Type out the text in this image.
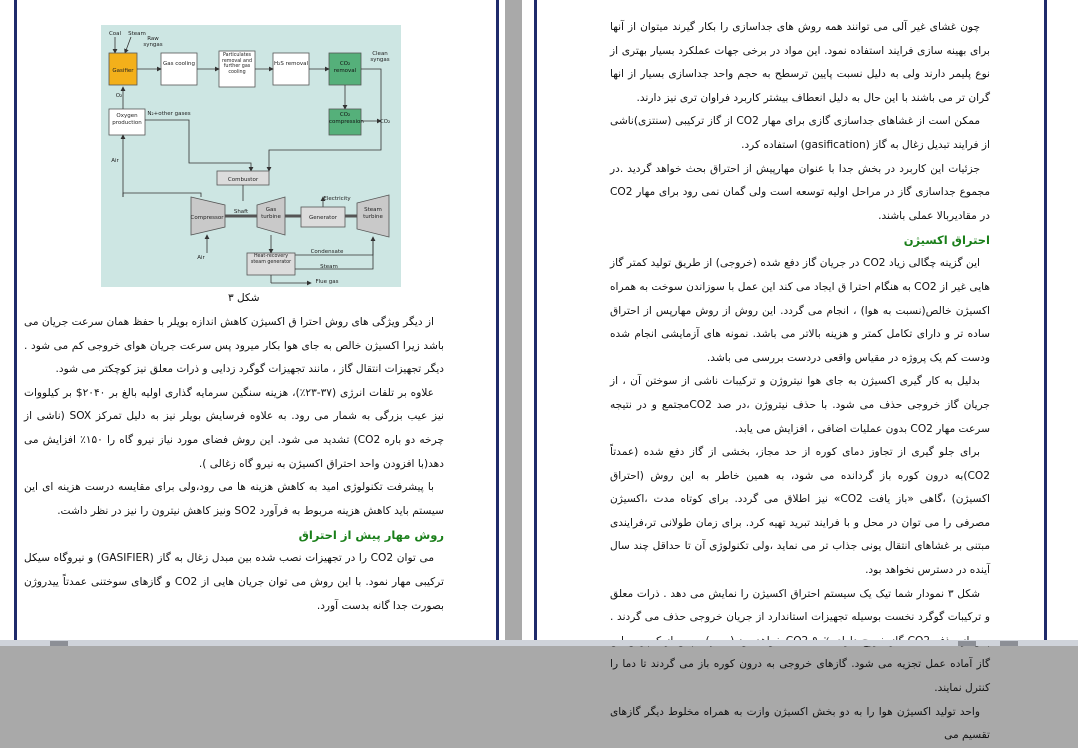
Coal Steam
Raw syngas
Gasifier
Gas cooling
Particulates removal and further gas cooling
H₂S removal	CO₂ removal
Clean syngas
O₂
Oxygen production
N₂+other gases	CO₂ compression	CO₂
Air
Combustor
Electricity
Compressor
Shaft	Gas turbine	Generator
Steam turbine
Air
Condensate
Heat-recovery steam generator
Steam
Flue gas
شکل ۳

از دیگر ویژگی های روش احترا ق اکسیژن کاهش اندازه بویلر با حفظ همان سرعت جریان می باشد زیرا اکسیژن خالص به جای هوا بکار میرود پس سرعت جریان هوای خروجی کم می شود . دیگر تجهیزات انتقال گاز ، مانند تجهیزات گوگرد زدایی و ذرات معلق نیز کوچکتر می شود.

علاوه بر تلفات انرژی (۳۷-۲۳٪)، هزینه سنگین سرمایه گذاری اولیه بالغ بر ۲۰۴۰$ بر کیلووات نیز عیب بزرگی به شمار می رود. به علاوه فرسایش بویلر نیز به دلیل تمرکز SOX (ناشی از چرخه دو باره CO2) تشدید می شود. این روش فضای مورد نیاز نیرو گاه را ۱۵۰٪ افزایش می دهد(با افزودن واحد احتراق اکسیژن به نیرو گاه زغالی ).

با پیشرفت تکنولوژی امید به کاهش هزینه ها می رود،ولی برای مقایسه درست هزینه ای این سیستم باید کاهش هزینه مربوط به فرآورد SO2 ونیز کاهش نیترون را نیز در نظر داشت.

روش مهار پیش از احتراق

می توان CO2 را در تجهیزات نصب شده بین مبدل زغال به گاز (GASIFIER) و نیروگاه سیکل ترکیبی مهار نمود. با این روش می توان جریان هایی از CO2 و گازهای سوختنی عمدتاً ییدروژن بصورت جدا گانه بدست آورد.

چون غشای غیر آلی می توانند همه روش های جداسازی را بکار گیرند میتوان از آنها برای بهینه سازی فرایند استفاده نمود. این مواد در برخی جهات عملکرد بسیار بهتری از نوع پلیمر دارند ولی به دلیل نسبت پایین ترسطح به حجم واحد جداسازی بسیار از انها گران تر می باشند با این حال به دلیل انعطاف بیشتر کاربرد فراوان تری نیز دارند.

ممکن است از غشاهای جداسازی گازی برای مهار CO2 از گاز ترکیبی (سنتزی)ناشی از فرایند تبدیل زغال به گاز (gasification) استفاده کرد.

جزئیات این کاربرد در بخش جدا با عنوان مهارپیش از احتراق بحث خواهد گردید .در مجموع جداسازی گاز در مراحل اولیه توسعه است ولی گمان نمی رود برای مهار CO2 در مقادیربالا عملی باشند.

احتراق اکسیژن

این گزینه چگالی زیاد CO2 در جریان گاز دفع شده (خروجی) از طریق تولید کمتر گاز هایی غیر از CO2 به هنگام احترا ق ایجاد می کند این عمل با سوزاندن سوخت به همراه اکسیژن خالص(نسبت به هوا) ، انجام می گردد. این روش از روش مهارپس از احتراق ساده تر و دارای تکامل کمتر و هزینه بالاتر می باشد. نمونه های آزمایشی انجام شده ودست کم یک پروژه در مقیاس واقعی دردست بررسی می باشد.

بدلیل به کار گیری اکسیژن به جای هوا نیتروژن و ترکیبات ناشی از سوختن آن ، از جریان گاز خروجی حذف می شود. با حذف نیتروژن ،در صد CO2مجتمع و در نتیجه سرعت مهار CO2 بدون عملیات اضافی ، افزایش می یابد.

برای جلو گیری از تجاوز دمای کوره از حد مجاز، بخشی از گاز دفع شده (عمدتاً CO2)به درون کوره باز گردانده می شود، به همین خاطر به این روش (احتراق اکسیژن) ،گاهی «باز یافت CO2» نیز اطلاق می گردد. برای کوتاه مدت ،اکسیژن مصرفی را می توان در محل و با فرایند تبرید تهیه کرد. برای زمان طولانی تر،فرایندی مبتنی بر غشاهای انتقال یونی جذاب تر می نماید ،ولی تکنولوژی آن تا حداقل چند سال آینده در دسترس نخواهد بود.

شکل ۳ نمودار شما تیک یک سیستم احتراق اکسیژن را نمایش می دهد . ذرات معلق و ترکیبات گوگرد نخست بوسیله تجهیزات استاندارد از جریان خروجی حذف می گردند . گاز آماده عمل تجزیه می شود. گازهای خروجی به درون کوره باز می گردند تا دما را کنترل نمایند.

واحد تولید اکسیژن هوا را به دو بخش اکسیژن وازت به همراه مخلوط دیگر گازهای تقسیم می
